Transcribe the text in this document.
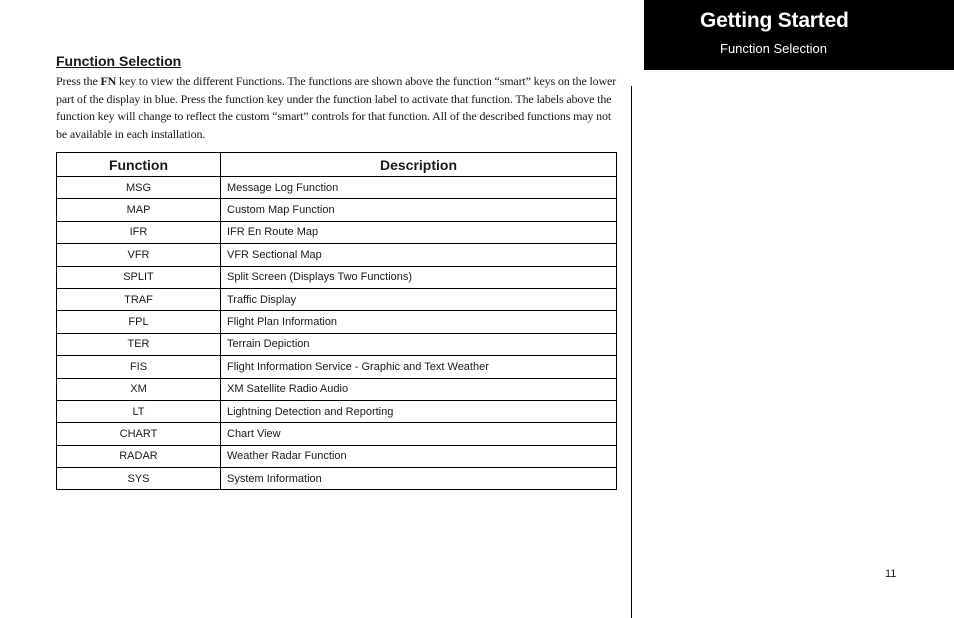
Getting Started
Function Selection
Function Selection

Press the FN key to view the different Functions. The functions are shown above the function “smart” keys on the lower part of the display in blue. Press the function key under the function label to activate that function. The labels above the function key will change to reflect the custom “smart” controls for that function. All of the described functions may not be available in each installation.

Function	Description
MSG	Message Log Function
MAP	Custom Map Function
IFR	IFR En Route Map
VFR	VFR Sectional Map
SPLIT	Split Screen (Displays Two Functions)
TRAF	Traffic Display
FPL	Flight Plan Information
TER	Terrain Depiction
FIS	Flight Information Service - Graphic and Text Weather
XM	XM Satellite Radio Audio
LT	Lightning Detection and Reporting
CHART	Chart View
RADAR	Weather Radar Function
SYS	System Information
11
